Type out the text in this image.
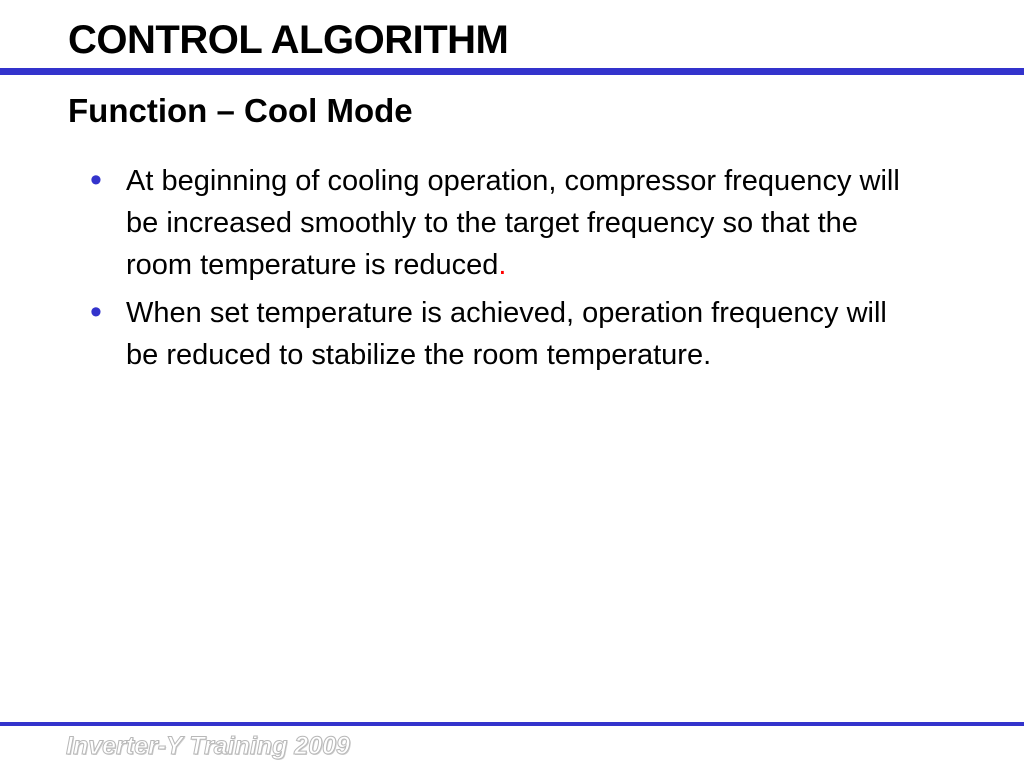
CONTROL ALGORITHM
Function – Cool Mode
• At beginning of cooling operation, compressor frequency will be increased smoothly to the target frequency so that the room temperature is reduced.
• When set temperature is achieved, operation frequency will be reduced to stabilize the room temperature.
Inverter-Y Training 2009
